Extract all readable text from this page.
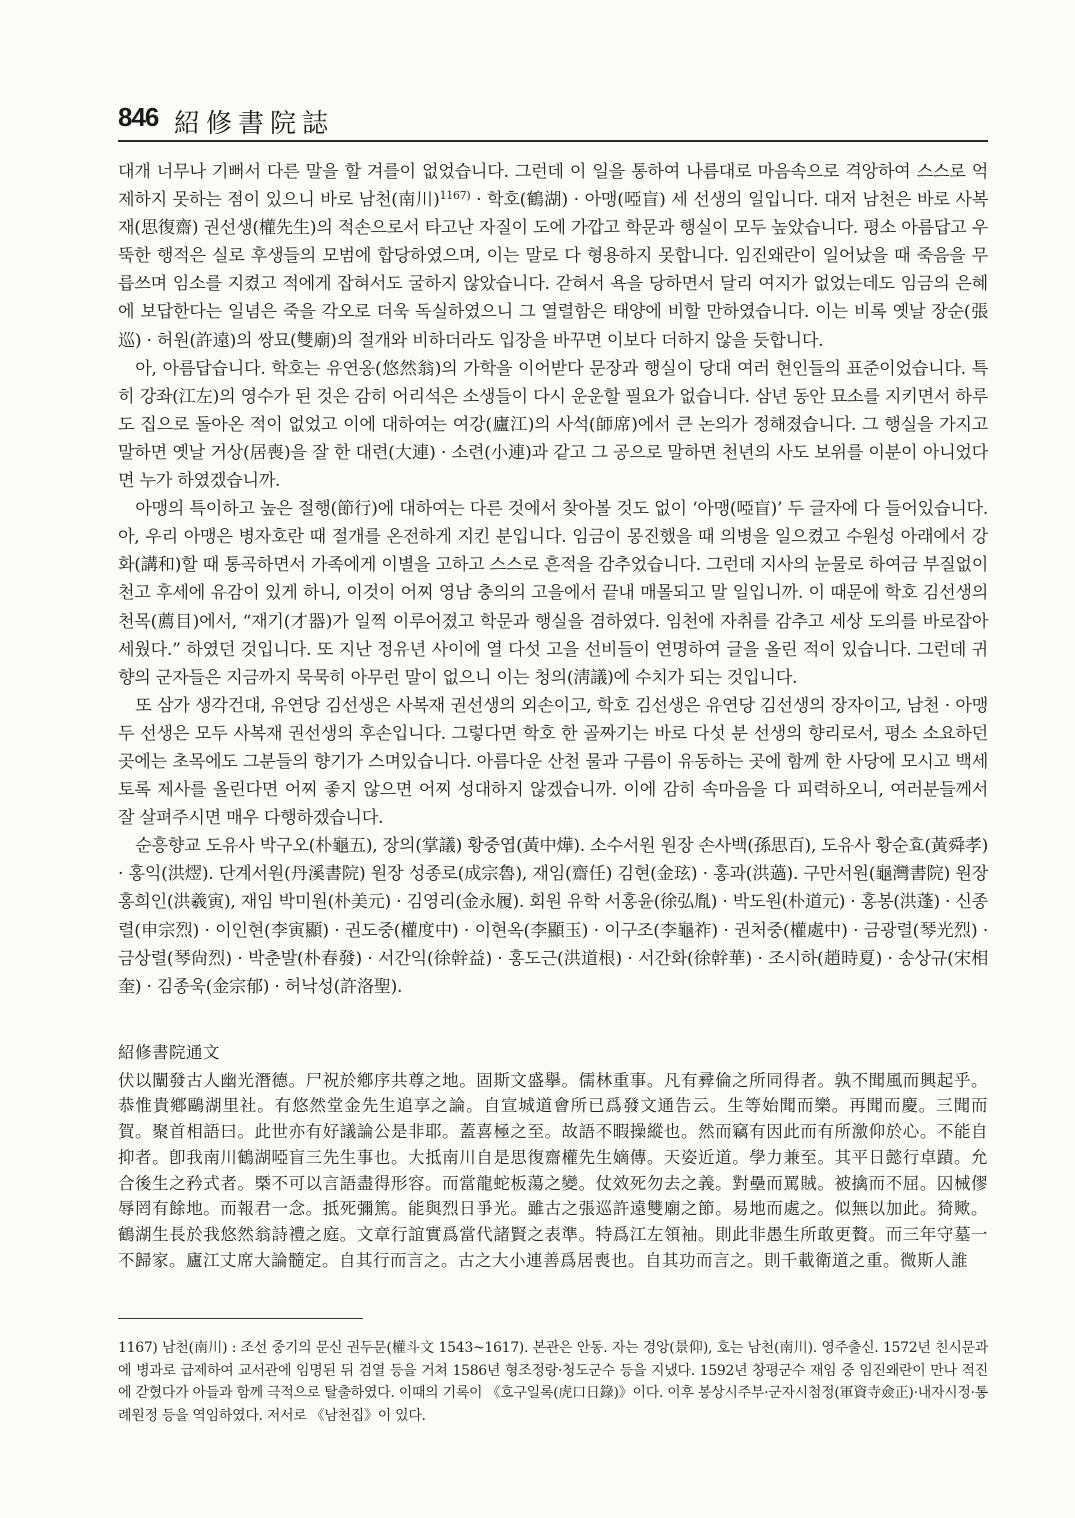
846 紹修書院誌

대개 너무나 기뻐서 다른 말을 할 겨를이 없었습니다. 그런데 이 일을 통하여 나름대로 마음속으로 격앙하여 스스로 억제하지 못하는 점이 있으니 바로 남천(南川)$^{1167)}$ · 학호(鶴湖) · 아맹(啞盲) 세 선생의 일입니다. 대저 남천은 바로 사복재(思復齋) 권선생(權先生)의 적손으로서 타고난 자질이 도에 가깝고 학문과 행실이 모두 높았습니다. 평소 아름답고 우뚝한 행적은 실로 후생들의 모범에 합당하였으며, 이는 말로 다 형용하지 못합니다. 임진왜란이 일어났을 때 죽음을 무릅쓰며 임소를 지켰고 적에게 잡혀서도 굴하지 않았습니다. 갇혀서 욕을 당하면서 달리 여지가 없었는데도 임금의 은혜에 보답한다는 일념은 죽을 각오로 더욱 독실하였으니 그 열렬함은 태양에 비할 만하였습니다. 이는 비록 옛날 장순(張巡) · 허원(許遠)의 쌍묘(雙廟)의 절개와 비하더라도 입장을 바꾸면 이보다 더하지 않을 듯합니다.

아, 아름답습니다. 학호는 유연옹(悠然翁)의 가학을 이어받다 문장과 행실이 당대 여러 현인들의 표준이었습니다. 특히 강좌(江左)의 영수가 된 것은 감히 어리석은 소생들이 다시 운운할 필요가 없습니다. 삼년 동안 묘소를 지키면서 하루도 집으로 돌아온 적이 없었고 이에 대하여는 여강(廬江)의 사석(師席)에서 큰 논의가 정해졌습니다. 그 행실을 가지고 말하면 옛날 거상(居喪)을 잘 한 대련(大連) · 소련(小連)과 같고 그 공으로 말하면 천년의 사도 보위를 이분이 아니었다면 누가 하였겠습니까.

아맹의 특이하고 높은 절행(節行)에 대하여는 다른 것에서 찾아볼 것도 없이 ‘아맹(啞盲)’ 두 글자에 다 들어있습니다. 아, 우리 아맹은 병자호란 때 절개를 온전하게 지킨 분입니다. 임금이 몽진했을 때 의병을 일으켰고 수원성 아래에서 강화(講和)할 때 통곡하면서 가족에게 이별을 고하고 스스로 흔적을 감추었습니다. 그런데 지사의 눈물로 하여금 부질없이 천고 후세에 유감이 있게 하니, 이것이 어찌 영남 충의의 고을에서 끝내 매몰되고 말 일입니까. 이 때문에 학호 김선생의 천목(薦目)에서, “재기(才器)가 일찍 이루어졌고 학문과 행실을 겸하였다. 임천에 자취를 감추고 세상 도의를 바로잡아 세웠다.” 하였던 것입니다. 또 지난 정유년 사이에 열 다섯 고을 선비들이 연명하여 글을 올린 적이 있습니다. 그런데 귀향의 군자들은 지금까지 묵묵히 아무런 말이 없으니 이는 청의(淸議)에 수치가 되는 것입니다.

또 삼가 생각건대, 유연당 김선생은 사복재 권선생의 외손이고, 학호 김선생은 유연당 김선생의 장자이고, 남천 · 아맹 두 선생은 모두 사복재 권선생의 후손입니다. 그렇다면 학호 한 골짜기는 바로 다섯 분 선생의 향리로서, 평소 소요하던 곳에는 초목에도 그분들의 향기가 스며있습니다. 아름다운 산천 물과 구름이 유동하는 곳에 함께 한 사당에 모시고 백세토록 제사를 올린다면 어찌 좋지 않으면 어찌 성대하지 않겠습니까. 이에 감히 속마음을 다 피력하오니, 여러분들께서 잘 살펴주시면 매우 다행하겠습니다.

순흥향교 도유사 박구오(朴龜五), 장의(掌議) 황중엽(黃中燁). 소수서원 원장 손사백(孫思百), 도유사 황순효(黃舜孝) · 홍익(洪熤). 단계서원(丹溪書院) 원장 성종로(成宗魯), 재임(齋任) 김현(金玹) · 홍과(洪薖). 구만서원(龜灣書院) 원장 홍희인(洪羲寅), 재임 박미원(朴美元) · 김영리(金永履). 회원 유학 서홍윤(徐弘胤) · 박도원(朴道元) · 홍봉(洪蓬) · 신종렬(申宗烈) · 이인현(李寅顯) · 권도중(權度中) · 이현옥(李顯玉) · 이구조(李龜祚) · 권처중(權處中) · 금광렬(琴光烈) · 금상렬(琴尙烈) · 박춘발(朴春發) · 서간익(徐幹益) · 홍도근(洪道根) · 서간화(徐幹華) · 조시하(趙時夏) · 송상규(宋相奎) · 김종욱(金宗郁) · 허낙성(許洛聖).

紹修書院通文

伏以闡發古人幽光潛德。尸祝於鄕序共尊之地。固斯文盛擧。儒林重事。凡有彛倫之所同得者。孰不聞風而興起乎。恭惟貴鄕鷗湖里社。有悠然堂金先生追享之論。自宣城道會所已爲發文通告云。生等始聞而樂。再聞而慶。三聞而賀。聚首相語曰。此世亦有好議論公是非耶。蓋喜極之至。故語不暇操縱也。然而竊有因此而有所激仰於心。不能自抑者。卽我南川鶴湖啞盲三先生事也。大抵南川自是思復齋權先生嫡傳。天姿近道。學力兼至。其平日懿行卓蹟。允合後生之矜式者。槩不可以言語盡得形容。而當龍蛇板蕩之變。仗效死勿去之義。對壘而罵賊。被擒而不屈。囚械僇辱罔有餘地。而報君一念。抵死彌篤。能與烈日爭光。雖古之張巡許遠雙廟之節。易地而處之。似無以加此。猗歟。鶴湖生長於我悠然翁詩禮之庭。文章行誼實爲當代諸賢之表準。特爲江左領袖。則此非愚生所敢更贅。而三年守墓一不歸家。廬江丈席大論髓定。自其行而言之。古之大小連善爲居喪也。自其功而言之。則千載衛道之重。微斯人誰

1167) 남천(南川) : 조선 중기의 문신 권두문(權斗文 1543~1617). 본관은 안동. 자는 경앙(景仰), 호는 남천(南川). 영주출신. 1572년 친시문과에 병과로 급제하여 교서관에 임명된 뒤 검열 등을 거쳐 1586년 형조정랑·청도군수 등을 지냈다. 1592년 창평군수 재임 중 임진왜란이 만나 적진에 갇혔다가 아들과 함께 극적으로 탈출하였다. 이때의 기록이 《호구일록(虎口日錄)》이다. 이후 봉상시주부·군자시첨정(軍資寺僉正)·내자시정·통례원정 등을 역임하였다. 저서로 《남천집》이 있다.
